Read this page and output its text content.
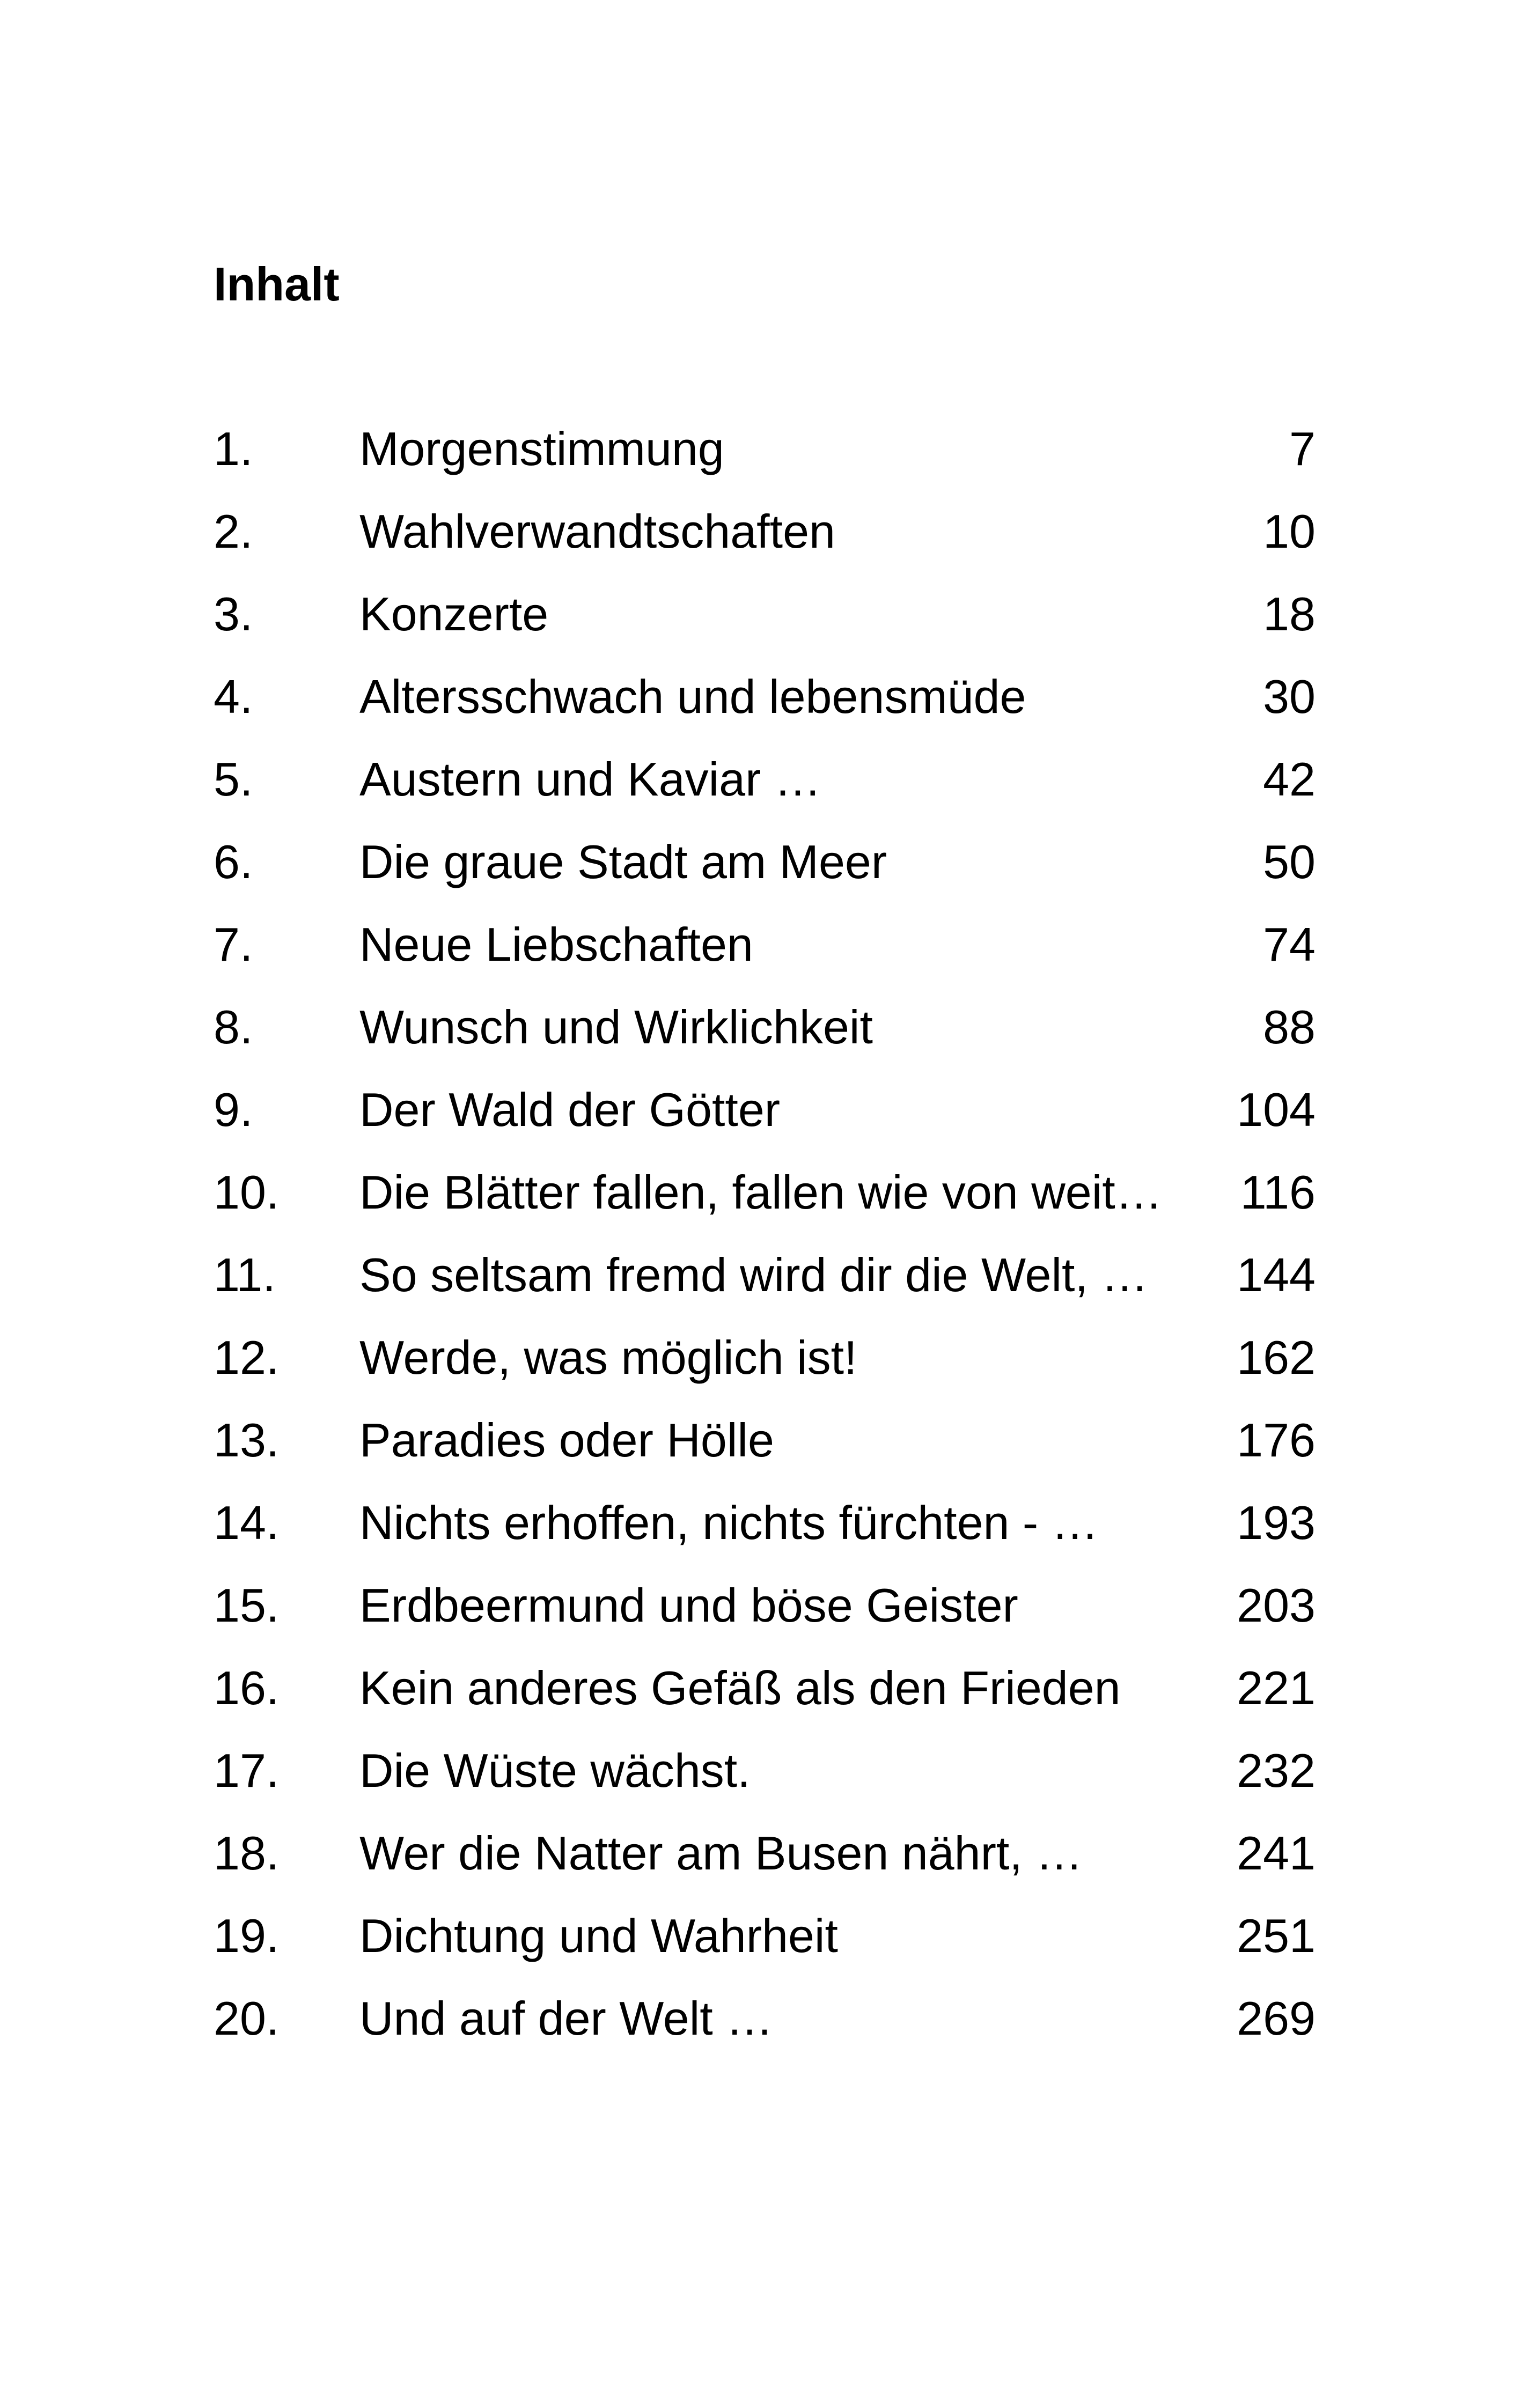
Inhalt
1. Morgenstimmung	7
2. Wahlverwandtschaften	10
3. Konzerte	18
4. Altersschwach und lebensmüde	30
5. Austern und Kaviar …	42
6. Die graue Stadt am Meer	50
7. Neue Liebschaften	74
8. Wunsch und Wirklichkeit	88
9. Der Wald der Götter	104
10. Die Blätter fallen, fallen wie von weit… 116
11. So seltsam fremd wird dir die Welt, … 144
12. Werde, was möglich ist!	162
13. Paradies oder Hölle	176
14. Nichts erhoffen, nichts fürchten - …	193
15. Erdbeermund und böse Geister	203
16. Kein anderes Gefäß als den Frieden 221
17. Die Wüste wächst.	232
18. Wer die Natter am Busen nährt, …	241
19. Dichtung und Wahrheit	251
20. Und auf der Welt …	269
